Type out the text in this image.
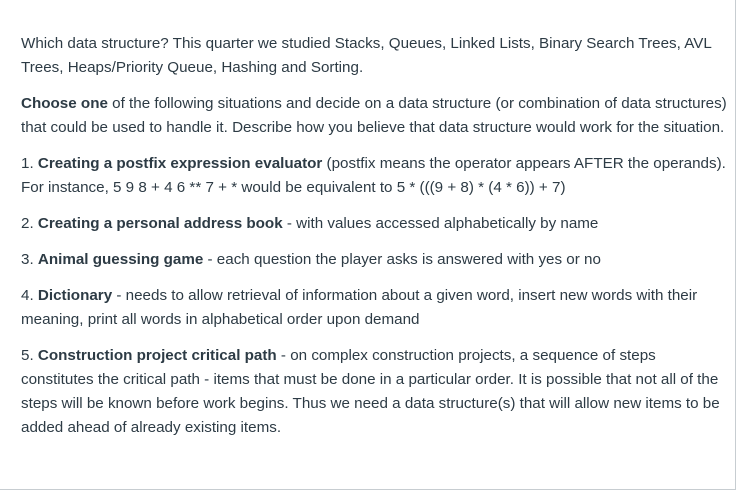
Which data structure? This quarter we studied Stacks, Queues, Linked Lists, Binary Search Trees, AVL Trees, Heaps/Priority Queue, Hashing and Sorting.

Choose one of the following situations and decide on a data structure (or combination of data structures) that could be used to handle it. Describe how you believe that data structure would work for the situation.

1. Creating a postfix expression evaluator (postfix means the operator appears AFTER the operands). For instance, 5 9 8 + 4 6 ** 7 + * would be equivalent to 5 * (((9 + 8) * (4 * 6)) + 7)

2. Creating a personal address book - with values accessed alphabetically by name

3. Animal guessing game - each question the player asks is answered with yes or no

4. Dictionary - needs to allow retrieval of information about a given word, insert new words with their meaning, print all words in alphabetical order upon demand

5. Construction project critical path - on complex construction projects, a sequence of steps constitutes the critical path - items that must be done in a particular order. It is possible that not all of the steps will be known before work begins. Thus we need a data structure(s) that will allow new items to be added ahead of already existing items.
